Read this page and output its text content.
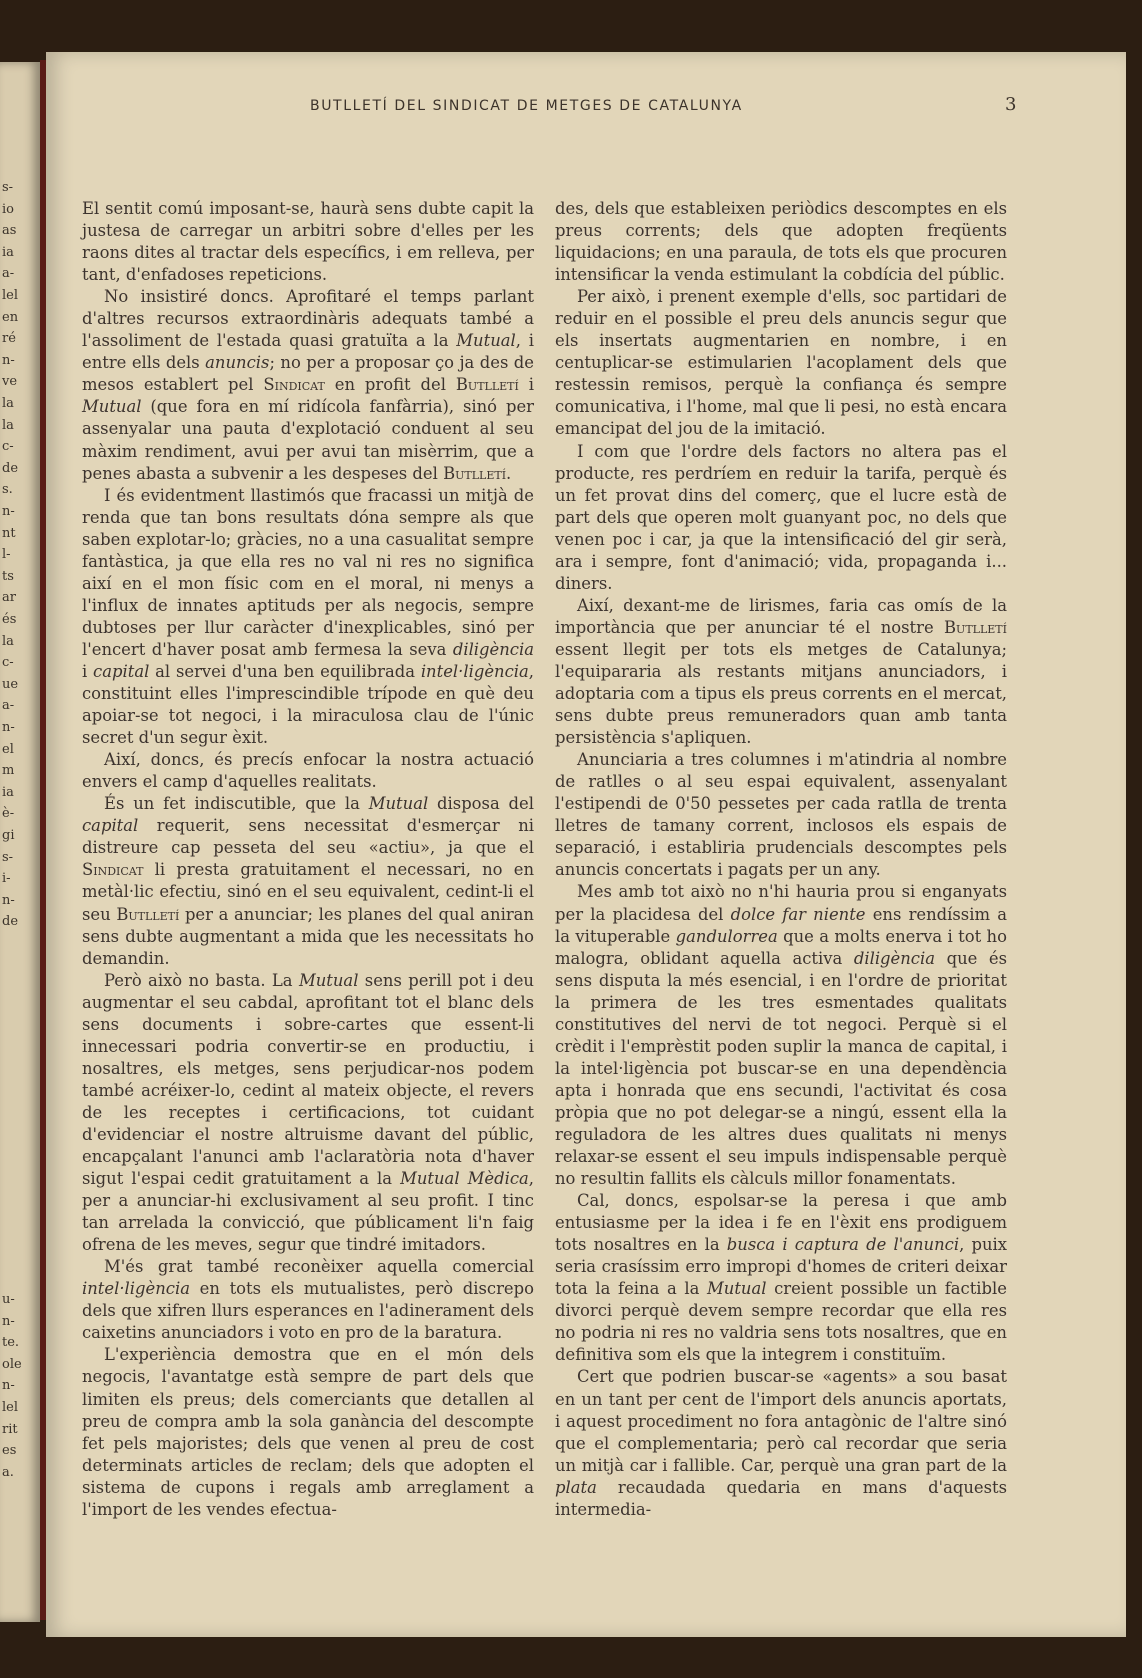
s-
io
as
ia
a-
lel
en
ré
n-
ve
la
la
c-
de
s.
n-
nt
l-
ts
ar
és
la
c-
ue
a-
n-
el
m
ia
è-
gi
s-
i-
n-
de
u-
n-
te.
ole
n-
lel
rit
es
a.
BUTLLETÍ DEL SINDICAT DE METGES DE CATALUNYA	3

El sentit comú imposant-se, haurà sens dubte capit la justesa de carregar un arbitri sobre d'elles per les raons dites al tractar dels específics, i em relleva, per tant, d'enfadoses repeticions.

No insistiré doncs. Aprofitaré el temps parlant d'altres recursos extraordinàris adequats també a l'assoliment de l'estada quasi gratuïta a la Mutual, i entre ells dels anuncis; no per a proposar ço ja des de mesos establert pel Sindicat en profit del Butlletí i Mutual (que fora en mí ridícola fanfàrria), sinó per assenyalar una pauta d'explotació conduent al seu màxim rendiment, avui per avui tan misèrrim, que a penes abasta a subvenir a les despeses del Butlletí.

I és evidentment llastimós que fracassi un mitjà de renda que tan bons resultats dóna sempre als que saben explotar-lo; gràcies, no a una casualitat sempre fantàstica, ja que ella res no val ni res no significa així en el mon físic com en el moral, ni menys a l'influx de innates aptituds per als negocis, sempre dubtoses per llur caràcter d'inexplicables, sinó per l'encert d'haver posat amb fermesa la seva diligència i capital al servei d'una ben equilibrada intel·ligència, constituint elles l'imprescindible trípode en què deu apoiar-se tot negoci, i la miraculosa clau de l'únic secret d'un segur èxit.

Així, doncs, és precís enfocar la nostra actuació envers el camp d'aquelles realitats.

És un fet indiscutible, que la Mutual disposa del capital requerit, sens necessitat d'esmerçar ni distreure cap pesseta del seu «actiu», ja que el Sindicat li presta gratuitament el necessari, no en metàl·lic efectiu, sinó en el seu equivalent, cedint-li el seu Butlletí per a anunciar; les planes del qual aniran sens dubte augmentant a mida que les necessitats ho demandin.

Però això no basta. La Mutual sens perill pot i deu augmentar el seu cabdal, aprofitant tot el blanc dels sens documents i sobre-cartes que essent-li innecessari podria convertir-se en productiu, i nosaltres, els metges, sens perjudicar-nos podem també acréixer-lo, cedint al mateix objecte, el revers de les receptes i certificacions, tot cuidant d'evidenciar el nostre altruisme davant del públic, encapçalant l'anunci amb l'aclaratòria nota d'haver sigut l'espai cedit gratuitament a la Mutual Mèdica, per a anunciar-hi exclusivament al seu profit. I tinc tan arrelada la convicció, que públicament li'n faig ofrena de les meves, segur que tindré imitadors.

M'és grat també reconèixer aquella comercial intel·ligència en tots els mutualistes, però discrepo dels que xifren llurs esperances en l'adinerament dels caixetins anunciadors i voto en pro de la baratura.

L'experiència demostra que en el món dels negocis, l'avantatge està sempre de part dels que limiten els preus; dels comerciants que detallen al preu de compra amb la sola ganància del descompte fet pels majoristes; dels que venen al preu de cost determinats articles de reclam; dels que adopten el sistema de cupons i regals amb arreglament a l'import de les vendes efectua-

des, dels que estableixen periòdics descomptes en els preus corrents; dels que adopten freqüents liquidacions; en una paraula, de tots els que procuren intensificar la venda estimulant la cobdícia del públic.

Per això, i prenent exemple d'ells, soc partidari de reduir en el possible el preu dels anuncis segur que els insertats augmentarien en nombre, i en centuplicar-se estimularien l'acoplament dels que restessin remisos, perquè la confiança és sempre comunicativa, i l'home, mal que li pesi, no està encara emancipat del jou de la imitació.

I com que l'ordre dels factors no altera pas el producte, res perdríem en reduir la tarifa, perquè és un fet provat dins del comerç, que el lucre està de part dels que operen molt guanyant poc, no dels que venen poc i car, ja que la intensificació del gir serà, ara i sempre, font d'animació; vida, propaganda i... diners.

Així, dexant-me de lirismes, faria cas omís de la importància que per anunciar té el nostre Butlletí essent llegit per tots els metges de Catalunya; l'equipararia als restants mitjans anunciadors, i adoptaria com a tipus els preus corrents en el mercat, sens dubte preus remuneradors quan amb tanta persistència s'apliquen.

Anunciaria a tres columnes i m'atindria al nombre de ratlles o al seu espai equivalent, assenyalant l'estipendi de 0'50 pessetes per cada ratlla de trenta lletres de tamany corrent, inclosos els espais de separació, i establiria prudencials descomptes pels anuncis concertats i pagats per un any.

Mes amb tot això no n'hi hauria prou si enganyats per la placidesa del dolce far niente ens rendíssim a la vituperable gandulorrea que a molts enerva i tot ho malogra, oblidant aquella activa diligència que és sens disputa la més esencial, i en l'ordre de prioritat la primera de les tres esmentades qualitats constitutives del nervi de tot negoci. Perquè si el crèdit i l'emprèstit poden suplir la manca de capital, i la intel·ligència pot buscar-se en una dependència apta i honrada que ens secundi, l'activitat és cosa pròpia que no pot delegar-se a ningú, essent ella la reguladora de les altres dues qualitats ni menys relaxar-se essent el seu impuls indispensable perquè no resultin fallits els càlculs millor fonamentats.

Cal, doncs, espolsar-se la peresa i que amb entusiasme per la idea i fe en l'èxit ens prodiguem tots nosaltres en la busca i captura de l'anunci, puix seria crasíssim erro impropi d'homes de criteri deixar tota la feina a la Mutual creient possible un factible divorci perquè devem sempre recordar que ella res no podria ni res no valdria sens tots nosaltres, que en definitiva som els que la integrem i constituïm.

Cert que podrien buscar-se «agents» a sou basat en un tant per cent de l'import dels anuncis aportats, i aquest procediment no fora antagònic de l'altre sinó que el complementaria; però cal recordar que seria un mitjà car i fallible. Car, perquè una gran part de la plata recaudada quedaria en mans d'aquests intermedia-
